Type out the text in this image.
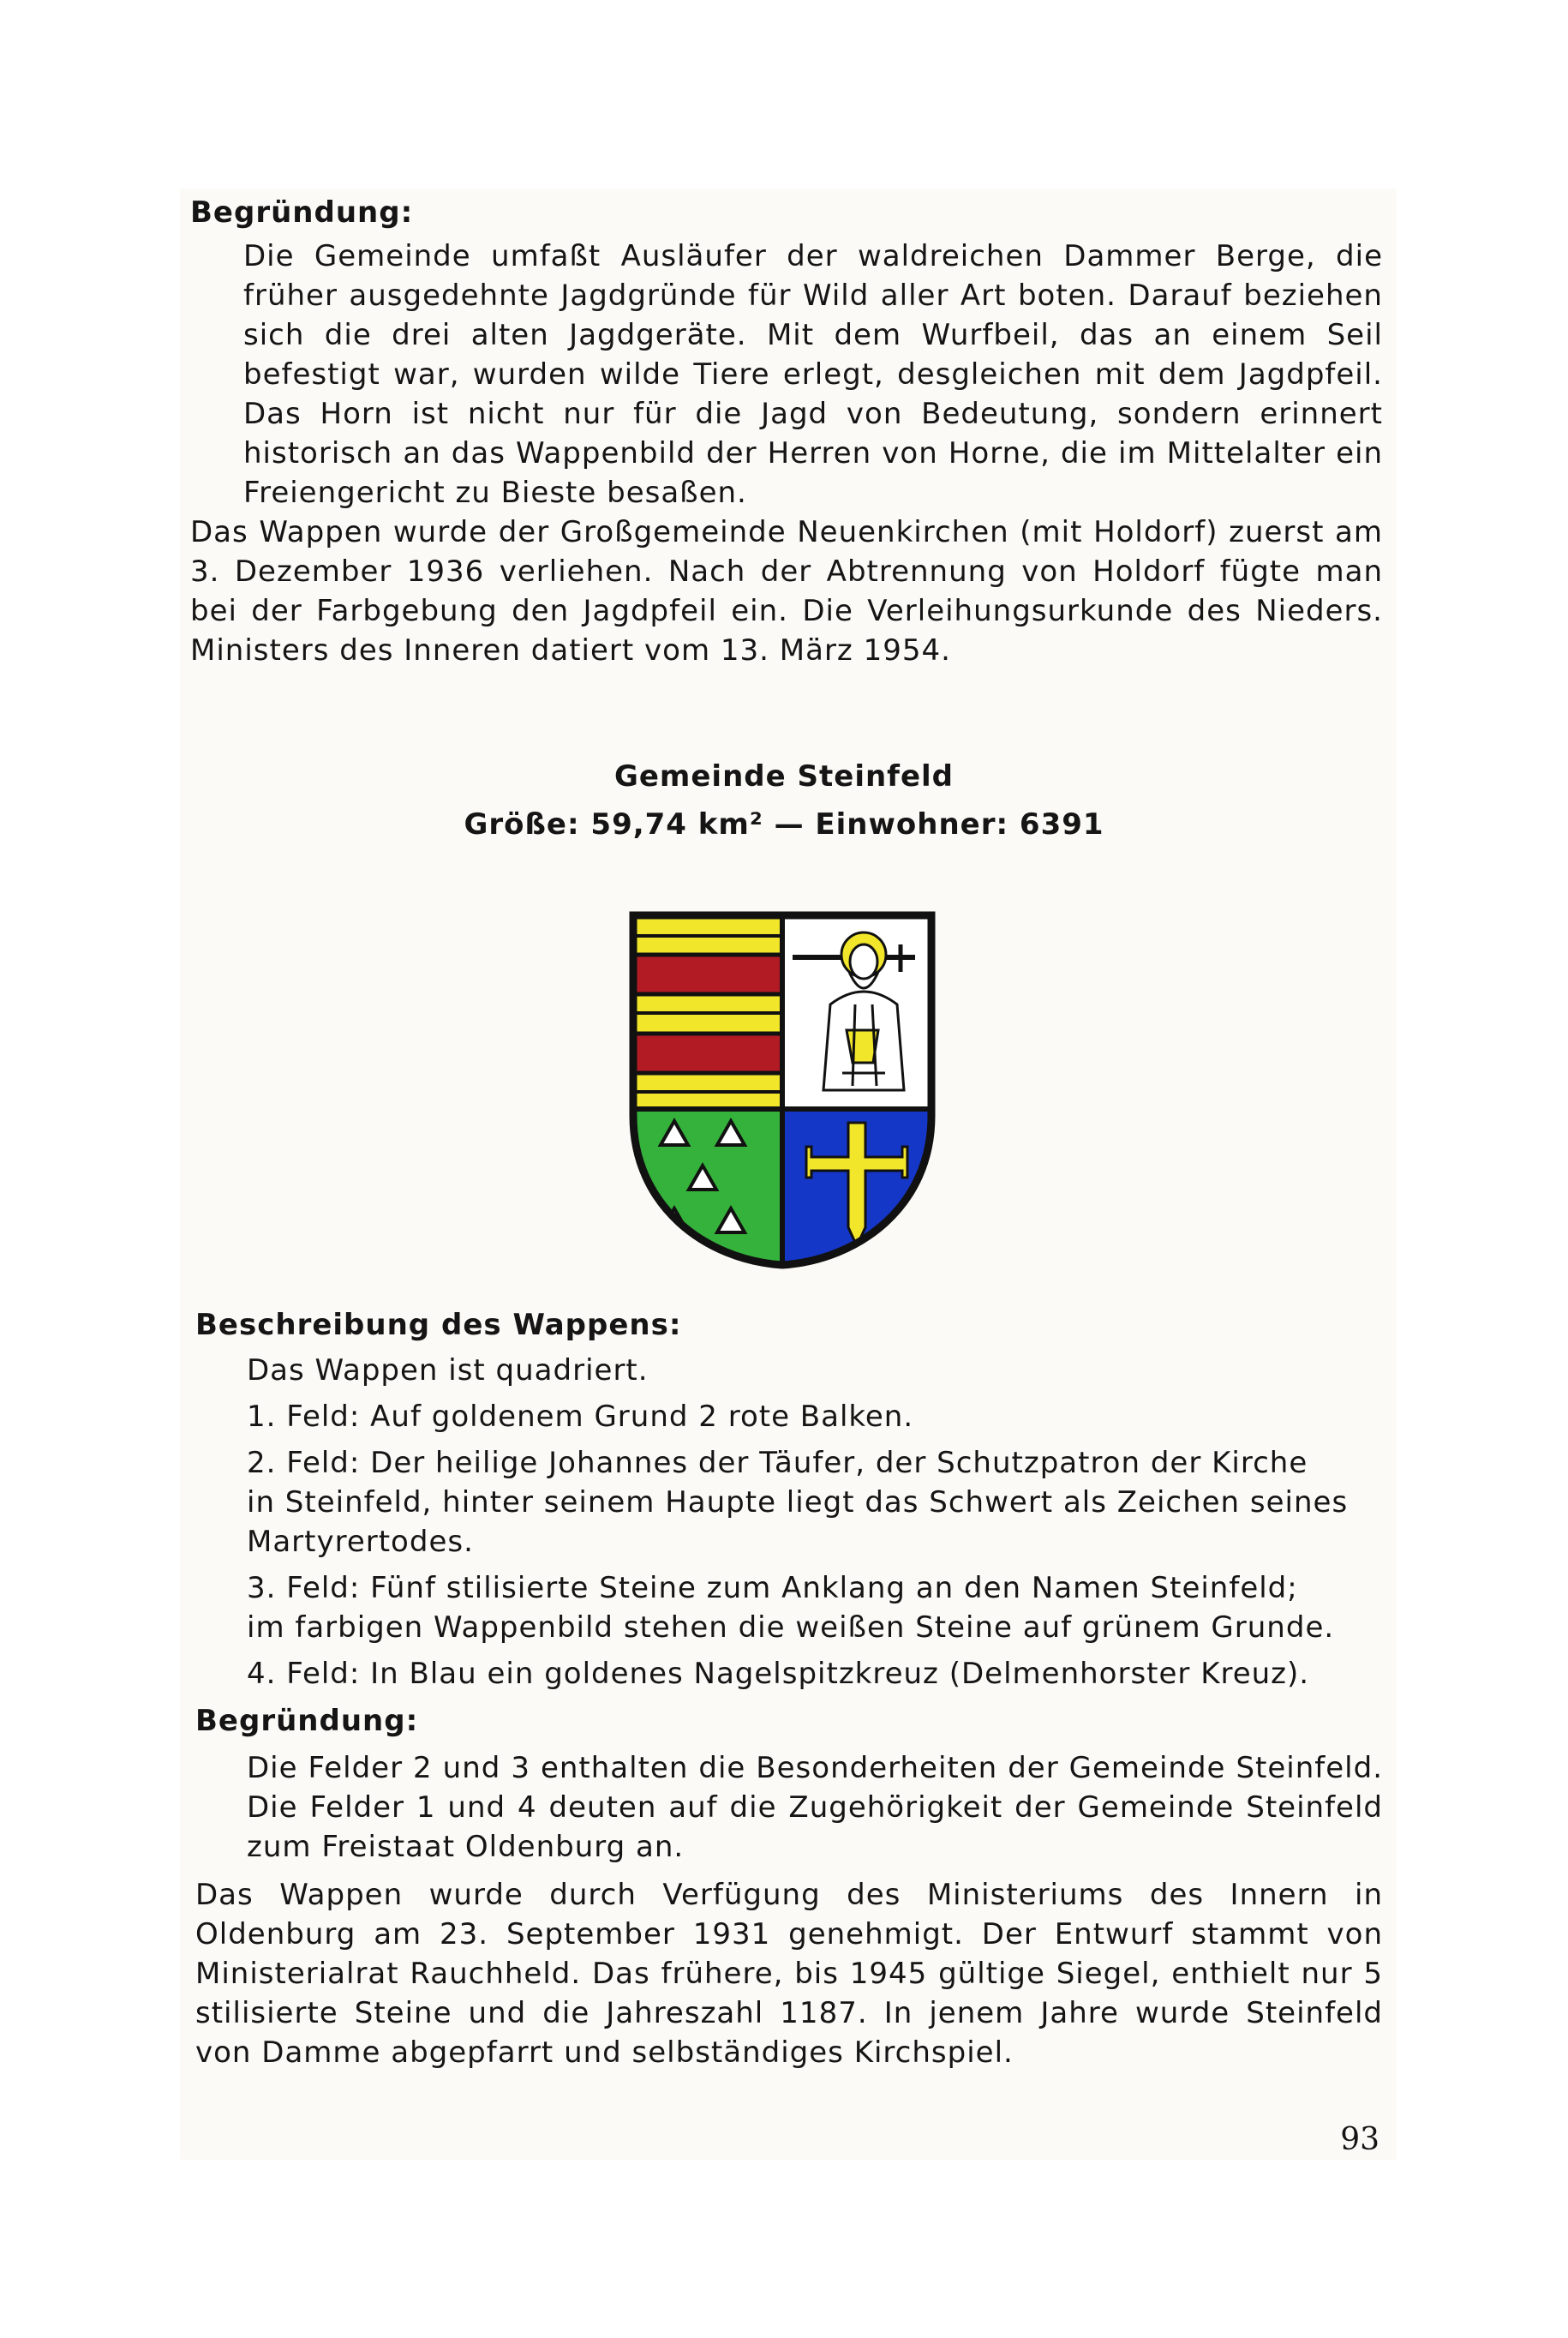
Begründung:

Die Gemeinde umfaßt Ausläufer der waldreichen Dammer Berge, die früher ausgedehnte Jagdgründe für Wild aller Art boten. Darauf beziehen sich die drei alten Jagdgeräte. Mit dem Wurfbeil, das an einem Seil befestigt war, wurden wilde Tiere erlegt, desgleichen mit dem Jagdpfeil. Das Horn ist nicht nur für die Jagd von Bedeutung, sondern erinnert historisch an das Wappenbild der Herren von Horne, die im Mittelalter ein Freiengericht zu Bieste besaßen.

Das Wappen wurde der Großgemeinde Neuenkirchen (mit Holdorf) zuerst am 3. Dezember 1936 verliehen. Nach der Abtrennung von Holdorf fügte man bei der Farbgebung den Jagdpfeil ein. Die Verleihungsurkunde des Nieders. Ministers des Inneren datiert vom 13. März 1954.

Gemeinde Steinfeld

Größe: 59,74 km² — Einwohner: 6391

Beschreibung des Wappens:

Das Wappen ist quadriert.

1. Feld: Auf goldenem Grund 2 rote Balken.

2. Feld: Der heilige Johannes der Täufer, der Schutzpatron der Kirche

in Steinfeld, hinter seinem Haupte liegt das Schwert als Zeichen seines

Martyrertodes.

3. Feld: Fünf stilisierte Steine zum Anklang an den Namen Steinfeld;

im farbigen Wappenbild stehen die weißen Steine auf grünem Grunde.

4. Feld: In Blau ein goldenes Nagelspitzkreuz (Delmenhorster Kreuz).

Begründung:

Die Felder 2 und 3 enthalten die Besonderheiten der Gemeinde Steinfeld. Die Felder 1 und 4 deuten auf die Zugehörigkeit der Gemeinde Steinfeld zum Freistaat Oldenburg an.

Das Wappen wurde durch Verfügung des Ministeriums des Innern in Oldenburg am 23. September 1931 genehmigt. Der Entwurf stammt von Ministerialrat Rauchheld. Das frühere, bis 1945 gültige Siegel, enthielt nur 5 stilisierte Steine und die Jahreszahl 1187. In jenem Jahre wurde Steinfeld von Damme abgepfarrt und selbständiges Kirchspiel.

93
